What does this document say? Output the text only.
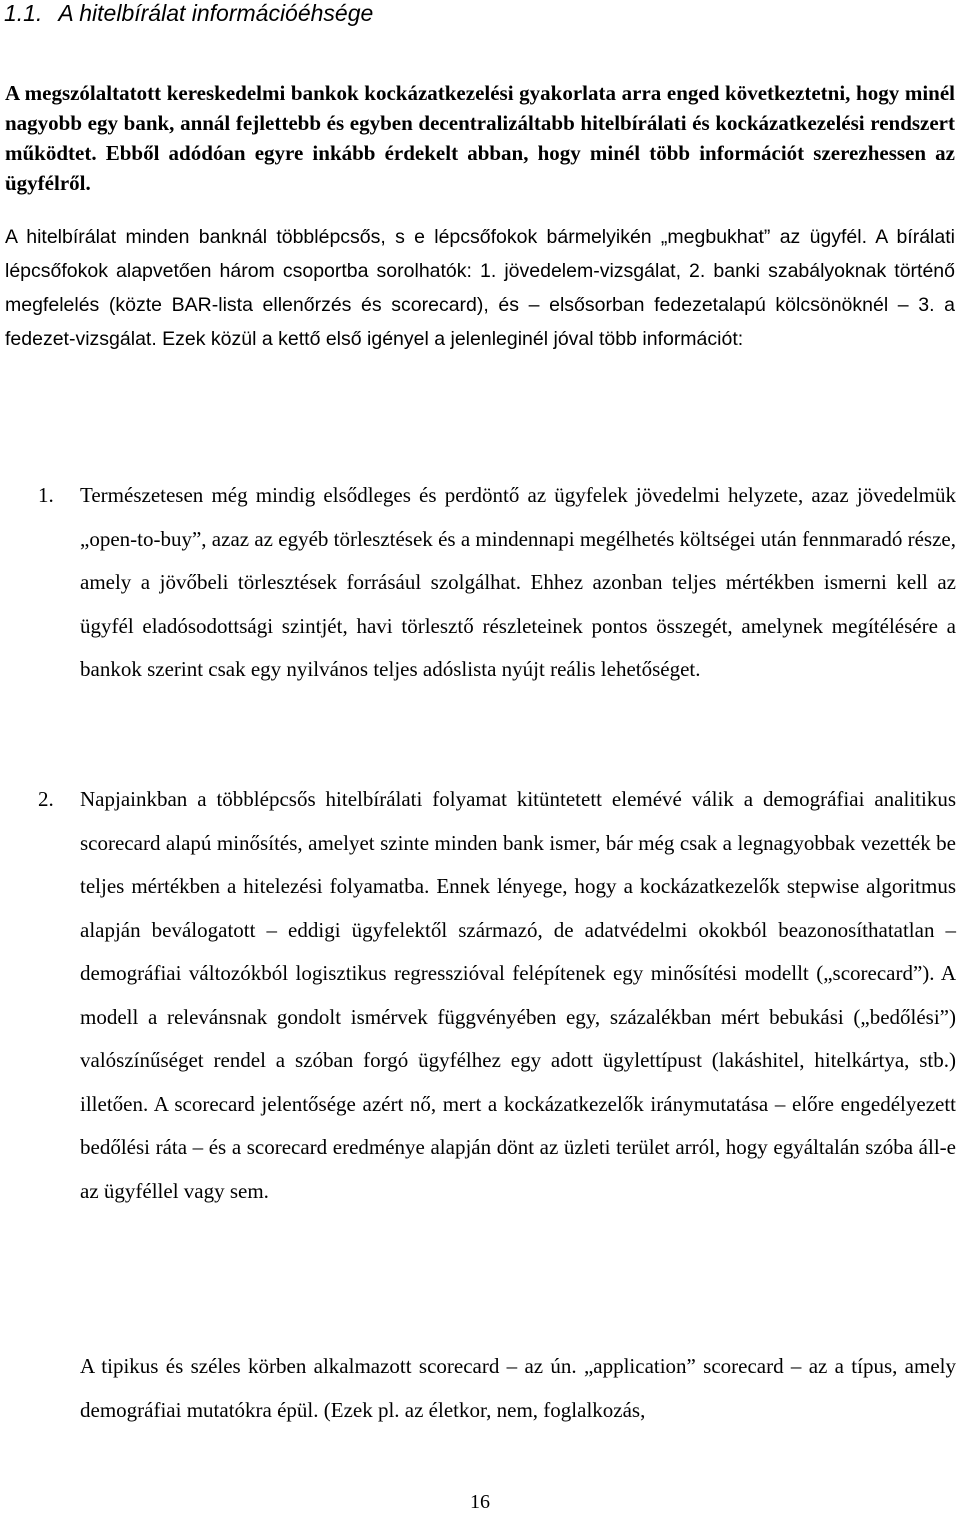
1.1. A hitelbírálat információéhsége

A megszólaltatott kereskedelmi bankok kockázatkezelési gyakorlata arra enged következtetni, hogy minél nagyobb egy bank, annál fejlettebb és egyben decentralizáltabb hitelbírálati és kockázatkezelési rendszert működtet. Ebből adódóan egyre inkább érdekelt abban, hogy minél több információt szerezhessen az ügyfélről.

A hitelbírálat minden banknál többlépcsős, s e lépcsőfokok bármelyikén „megbukhat” az ügyfél. A bírálati lépcsőfokok alapvetően három csoportba sorolhatók: 1. jövedelem-vizsgálat, 2. banki szabályoknak történő megfelelés (közte BAR-lista ellenőrzés és scorecard), és – elsősorban fedezetalapú kölcsönöknél – 3. a fedezet-vizsgálat. Ezek közül a kettő első igényel a jelenleginél jóval több információt:

1. Természetesen még mindig elsődleges és perdöntő az ügyfelek jövedelmi helyzete, azaz jövedelmük „open-to-buy”, azaz az egyéb törlesztések és a mindennapi megélhetés költségei után fennmaradó része, amely a jövőbeli törlesztések forrásául szolgálhat. Ehhez azonban teljes mértékben ismerni kell az ügyfél eladósodottsági szintjét, havi törlesztő részleteinek pontos összegét, amelynek megítélésére a bankok szerint csak egy nyilvános teljes adóslista nyújt reális lehetőséget.

2. Napjainkban a többlépcsős hitelbírálati folyamat kitüntetett elemévé válik a demográfiai analitikus scorecard alapú minősítés, amelyet szinte minden bank ismer, bár még csak a legnagyobbak vezették be teljes mértékben a hitelezési folyamatba. Ennek lényege, hogy a kockázatkezelők stepwise algoritmus alapján beválogatott – eddigi ügyfelektől származó, de adatvédelmi okokból beazonosíthatatlan – demográfiai változókból logisztikus regresszióval felépítenek egy minősítési modellt („scorecard”). A modell a relevánsnak gondolt ismérvek függvényében egy, százalékban mért bebukási („bedőlési”) valószínűséget rendel a szóban forgó ügyfélhez egy adott ügylettípust (lakáshitel, hitelkártya, stb.) illetően. A scorecard jelentősége azért nő, mert a kockázatkezelők iránymutatása – előre engedélyezett bedőlési ráta – és a scorecard eredménye alapján dönt az üzleti terület arról, hogy egyáltalán szóba áll-e az ügyféllel vagy sem.

A tipikus és széles körben alkalmazott scorecard – az ún. „application” scorecard – az a típus, amely demográfiai mutatókra épül. (Ezek pl. az életkor, nem, foglalkozás,

16
